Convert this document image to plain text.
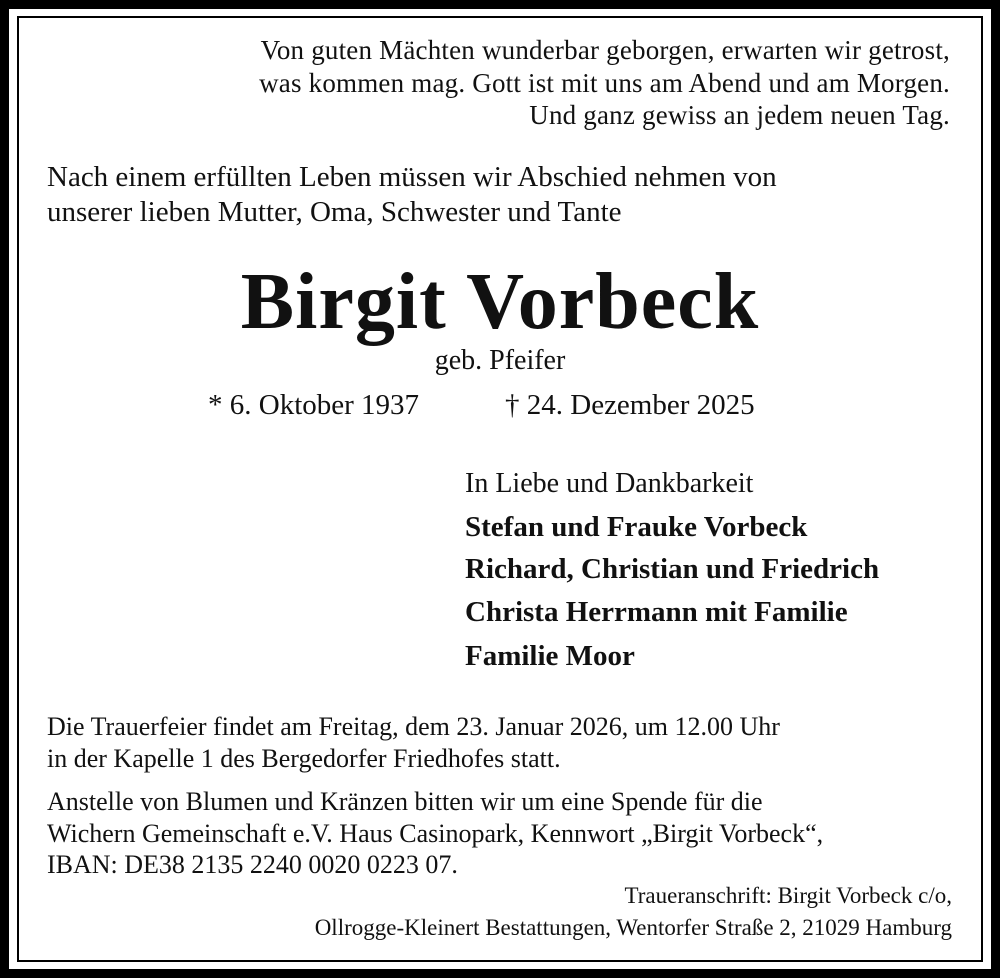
Von guten Mächten wunderbar geborgen, erwarten wir getrost,

was kommen mag. Gott ist mit uns am Abend und am Morgen.

Und ganz gewiss an jedem neuen Tag.

Nach einem erfüllten Leben müssen wir Abschied nehmen von

unserer lieben Mutter, Oma, Schwester und Tante

Birgit Vorbeck

geb. Pfeifer

* 6. Oktober 1937	† 24. Dezember 2025

In Liebe und Dankbarkeit

Stefan und Frauke Vorbeck

Richard, Christian und Friedrich

Christa Herrmann mit Familie

Familie Moor

Die Trauerfeier findet am Freitag, dem 23. Januar 2026, um 12.00 Uhr

in der Kapelle 1 des Bergedorfer Friedhofes statt.

Anstelle von Blumen und Kränzen bitten wir um eine Spende für die

Wichern Gemeinschaft e.V. Haus Casinopark, Kennwort „Birgit Vorbeck“,

IBAN: DE38 2135 2240 0020 0223 07.

Traueranschrift: Birgit Vorbeck c/o,

Ollrogge-Kleinert Bestattungen, Wentorfer Straße 2, 21029 Hamburg
